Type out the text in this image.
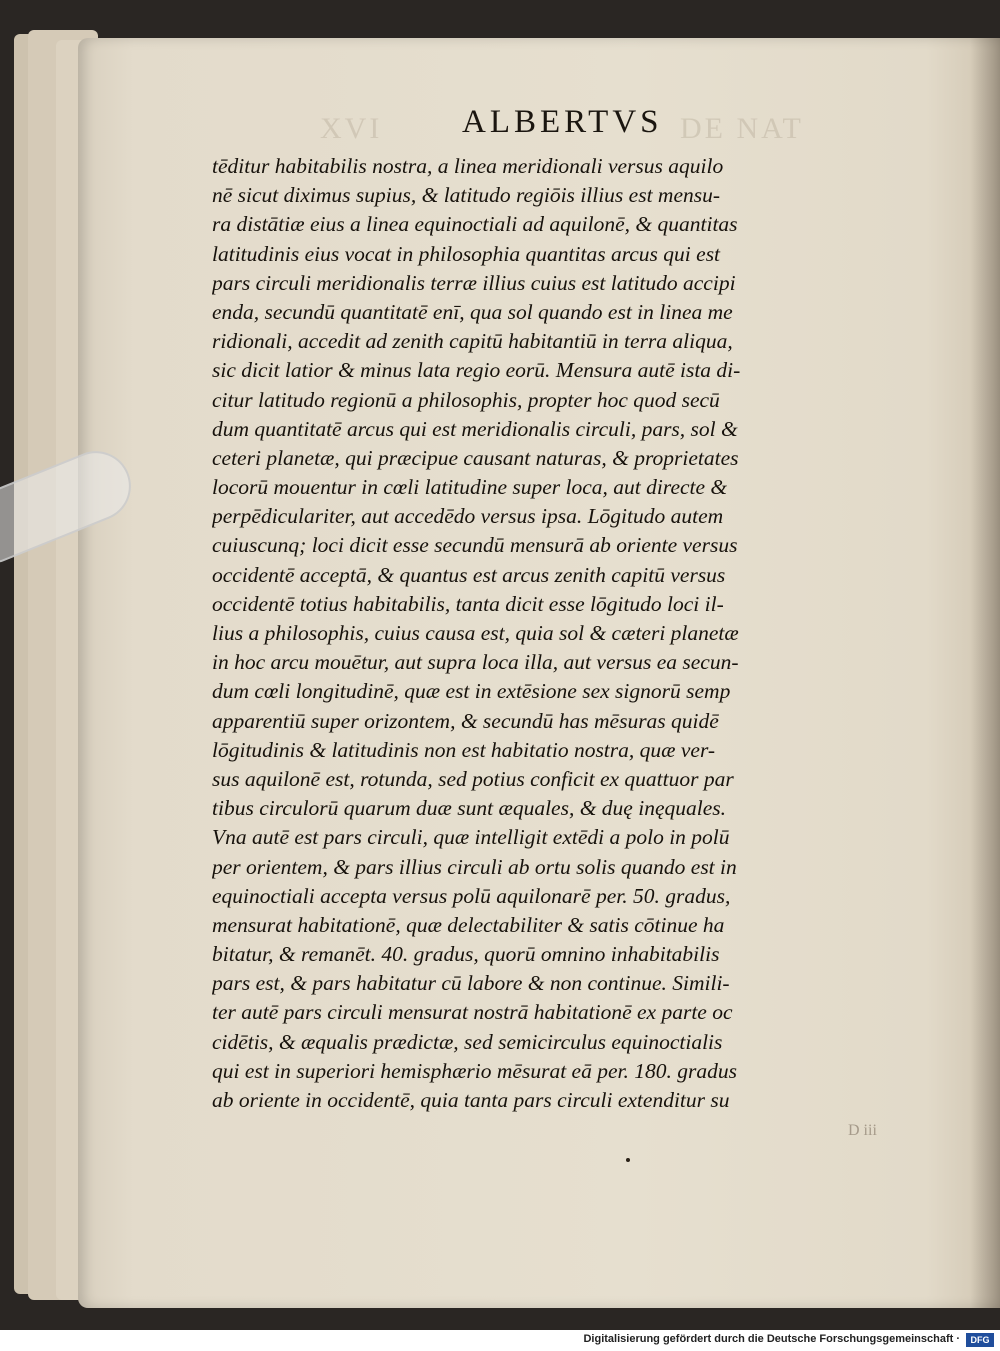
XVI	DE NAT
ALBERTVS
tēditur habitabilis nostra, a linea meridionali versus aquilo
nē sicut diximus supius, & latitudo regiōis illius est mensu-
ra distātiæ eius a linea equinoctiali ad aquilonē, & quantitas
latitudinis eius vocat in philosophia quantitas arcus qui est
pars circuli meridionalis terræ illius cuius est latitudo accipi
enda, secundū quantitatē enī, qua sol quando est in linea me
ridionali, accedit ad zenith capitū habitantiū in terra aliqua,
sic dicit latior & minus lata regio eorū. Mensura autē ista di-
citur latitudo regionū a philosophis, propter hoc quod secū
dum quantitatē arcus qui est meridionalis circuli, pars, sol &
ceteri planetæ, qui præcipue causant naturas, & proprietates
locorū mouentur in cœli latitudine super loca, aut directe &
perpēdiculariter, aut accedēdo versus ipsa. Lōgitudo autem
cuiuscunq; loci dicit esse secundū mensurā ab oriente versus
occidentē acceptā, & quantus est arcus zenith capitū versus
occidentē totius habitabilis, tanta dicit esse lōgitudo loci il-
lius a philosophis, cuius causa est, quia sol & cæteri planetæ
in hoc arcu mouētur, aut supra loca illa, aut versus ea secun-
dum cœli longitudinē, quæ est in extēsione sex signorū semp
apparentiū super orizontem, & secundū has mēsuras quidē
lōgitudinis & latitudinis non est habitatio nostra, quæ ver-
sus aquilonē est, rotunda, sed potius conficit ex quattuor par
tibus circulorū quarum duæ sunt æquales, & duę inęquales.
Vna autē est pars circuli, quæ intelligit extēdi a polo in polū
per orientem, & pars illius circuli ab ortu solis quando est in
equinoctiali accepta versus polū aquilonarē per. 50. gradus,
mensurat habitationē, quæ delectabiliter & satis cōtinue ha
bitatur, & remanēt. 40. gradus, quorū omnino inhabitabilis
pars est, & pars habitatur cū labore & non continue. Simili-
ter autē pars circuli mensurat nostrā habitationē ex parte oc
cidētis, & æqualis prædictæ, sed semicirculus equinoctialis
qui est in superiori hemisphærio mēsurat eā per. 180. gradus
ab oriente in occidentē, quia tanta pars circuli extenditur su
D iii
Digitalisierung gefördert durch die Deutsche Forschungsgemeinschaft ·	DFG
